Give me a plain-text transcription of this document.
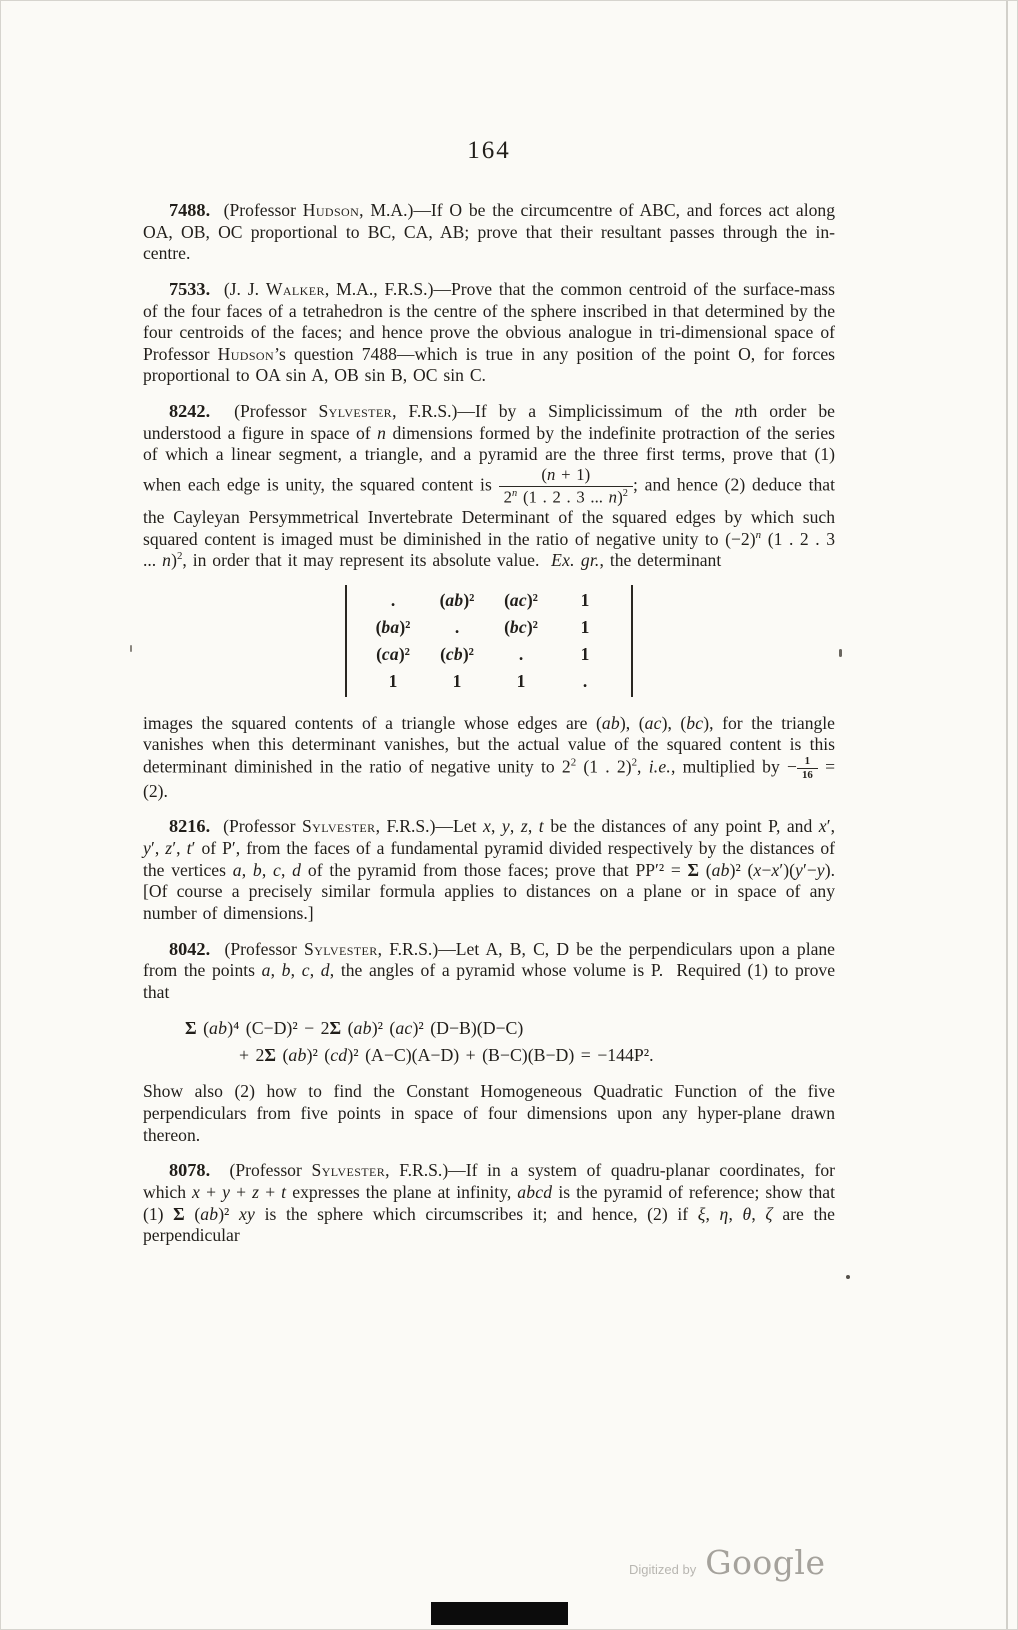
164

7488.  (Professor Hudson, M.A.)—If O be the circumcentre of ABC, and forces act along OA, OB, OC proportional to BC, CA, AB; prove that their resultant passes through the in-centre.

7533.  (J. J. Walker, M.A., F.R.S.)—Prove that the common centroid of the surface-mass of the four faces of a tetrahedron is the centre of the sphere inscribed in that determined by the four centroids of the faces; and hence prove the obvious analogue in tri-dimensional space of Professor Hudson’s question 7488—which is true in any position of the point O, for forces proportional to OA sin A, OB sin B, OC sin C.

8242.  (Professor Sylvester, F.R.S.)—If by a Simplicissimum of the nth order be understood a figure in space of n dimensions formed by the indefinite protraction of the series of which a linear segment, a triangle, and a pyramid are the three first terms, prove that (1) when each edge is unity, the squared content is $\frac{(n + 1)}{2^n (1 . 2 . 3 ... n)^2}$ ; and hence (2) deduce that the Cayleyan Persymmetrical Invertebrate Determinant of the squared edges by which such squared content is imaged must be diminished in the ratio of negative unity to $(-2)^n$ (1 . 2 . 3 ... n)$^2$, in order that it may represent its absolute value.  Ex. gr., the determinant

.	(ab)²	(ac)²	1
(ba)²	.	(bc)²	1
(ca)²	(cb)²	.	1
1	1	1	.

images the squared contents of a triangle whose edges are (ab), (ac), (bc), for the triangle vanishes when this determinant vanishes, but the actual value of the squared content is this determinant diminished in the ratio of negative unity to $2^2$ (1 . 2)$^2$, i.e., multiplied by − $\frac{1}{16} = (2)$.

8216.  (Professor Sylvester, F.R.S.)—Let x, y, z, t be the distances of any point P, and x′, y′, z′, t′ of P′, from the faces of a fundamental pyramid divided respectively by the distances of the vertices a, b, c, d of the pyramid from those faces; prove that PP′² = Σ (ab)² (x−x′)(y′−y). [Of course a precisely similar formula applies to distances on a plane or in space of any number of dimensions.]

8042.  (Professor Sylvester, F.R.S.)—Let A, B, C, D be the perpendiculars upon a plane from the points a, b, c, d, the angles of a pyramid whose volume is P.  Required (1) to prove that

Σ (ab)⁴ (C−D)² − 2Σ (ab)² (ac)² (D−B)(D−C)
+ 2Σ (ab)² (cd)² (A−C)(A−D) + (B−C)(B−D) = −144P².

Show also (2) how to find the Constant Homogeneous Quadratic Function of the five perpendiculars from five points in space of four dimensions upon any hyper-plane drawn thereon.

8078.  (Professor Sylvester, F.R.S.)—If in a system of quadru-planar coordinates, for which x + y + z + t expresses the plane at infinity, abcd is the pyramid of reference; show that (1) Σ (ab)² xy is the sphere which circumscribes it; and hence, (2) if ξ, η, θ, ζ are the perpendicular

Digitized by Google
